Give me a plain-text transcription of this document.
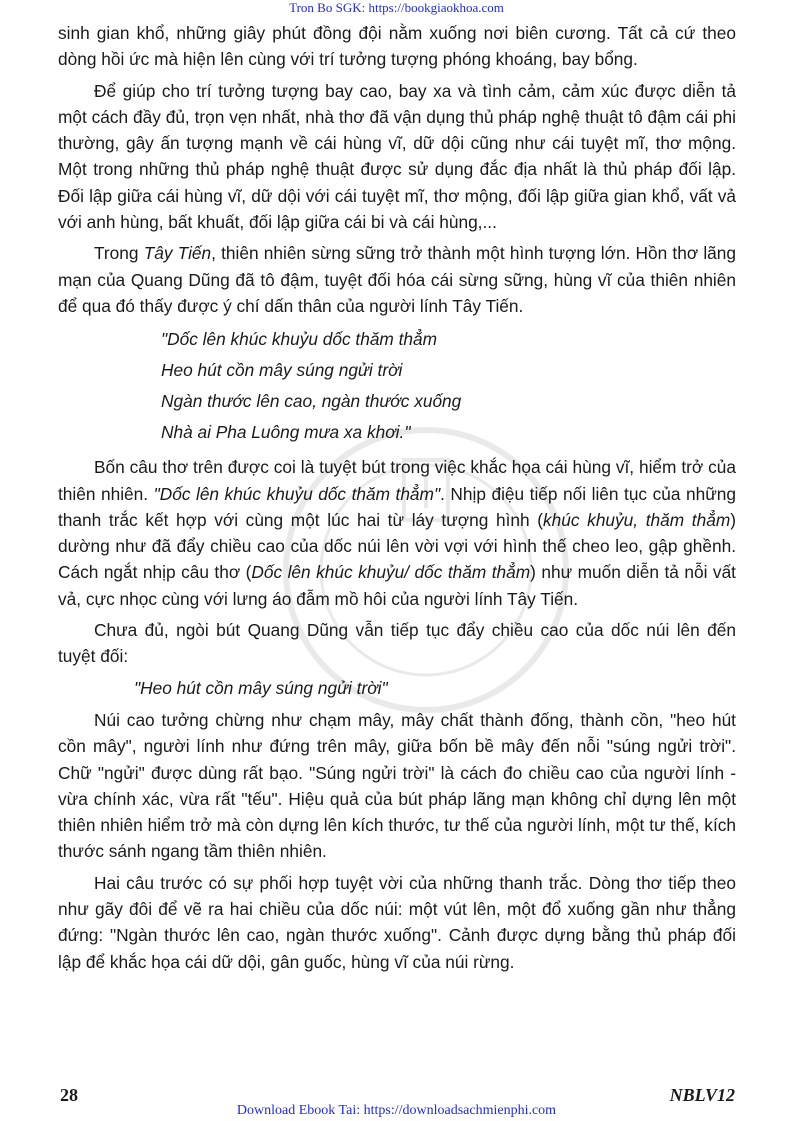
Tron Bo SGK: https://bookgiaokhoa.com

sinh gian khổ, những giây phút đồng đội nằm xuống nơi biên cương. Tất cả cứ theo dòng hồi ức mà hiện lên cùng với trí tưởng tượng phóng khoáng, bay bổng.

Để giúp cho trí tưởng tượng bay cao, bay xa và tình cảm, cảm xúc được diễn tả một cách đầy đủ, trọn vẹn nhất, nhà thơ đã vận dụng thủ pháp nghệ thuật tô đậm cái phi thường, gây ấn tượng mạnh về cái hùng vĩ, dữ dội cũng như cái tuyệt mĩ, thơ mộng. Một trong những thủ pháp nghệ thuật được sử dụng đắc địa nhất là thủ pháp đối lập. Đối lập giữa cái hùng vĩ, dữ dội với cái tuyệt mĩ, thơ mộng, đối lập giữa gian khổ, vất vả với anh hùng, bất khuất, đối lập giữa cái bi và cái hùng,...

Trong Tây Tiến, thiên nhiên sừng sững trở thành một hình tượng lớn. Hồn thơ lãng mạn của Quang Dũng đã tô đậm, tuyệt đối hóa cái sừng sững, hùng vĩ của thiên nhiên để qua đó thấy được ý chí dấn thân của người lính Tây Tiến.

"Dốc lên khúc khuỷu dốc thăm thẳm
Heo hút cồn mây súng ngửi trời
Ngàn thước lên cao, ngàn thước xuống
Nhà ai Pha Luông mưa xa khơi."

Bốn câu thơ trên được coi là tuyệt bút trong việc khắc họa cái hùng vĩ, hiểm trở của thiên nhiên. "Dốc lên khúc khuỷu dốc thăm thẳm". Nhịp điệu tiếp nối liên tục của những thanh trắc kết hợp với cùng một lúc hai từ láy tượng hình (khúc khuỷu, thăm thẳm) dường như đã đẩy chiều cao của dốc núi lên vời vợi với hình thế cheo leo, gập ghềnh. Cách ngắt nhịp câu thơ (Dốc lên khúc khuỷu/ dốc thăm thẳm) như muốn diễn tả nỗi vất vả, cực nhọc cùng với lưng áo đẫm mồ hôi của người lính Tây Tiến.

Chưa đủ, ngòi bút Quang Dũng vẫn tiếp tục đẩy chiều cao của dốc núi lên đến tuyệt đối:

"Heo hút cồn mây súng ngửi trời"

Núi cao tưởng chừng như chạm mây, mây chất thành đống, thành cồn, "heo hút cồn mây", người lính như đứng trên mây, giữa bốn bề mây đến nỗi "súng ngửi trời". Chữ "ngửi" được dùng rất bạo. "Súng ngửi trời" là cách đo chiều cao của người lính - vừa chính xác, vừa rất "tếu". Hiệu quả của bút pháp lãng mạn không chỉ dựng lên một thiên nhiên hiểm trở mà còn dựng lên kích thước, tư thế của người lính, một tư thế, kích thước sánh ngang tầm thiên nhiên.

Hai câu trước có sự phối hợp tuyệt vời của những thanh trắc. Dòng thơ tiếp theo như gãy đôi để vẽ ra hai chiều của dốc núi: một vút lên, một đổ xuống gần như thẳng đứng: "Ngàn thước lên cao, ngàn thước xuống". Cảnh được dựng bằng thủ pháp đối lập để khắc họa cái dữ dội, gân guốc, hùng vĩ của núi rừng.

28	NBLV12
Download Ebook Tai: https://downloadsachmienphi.com
